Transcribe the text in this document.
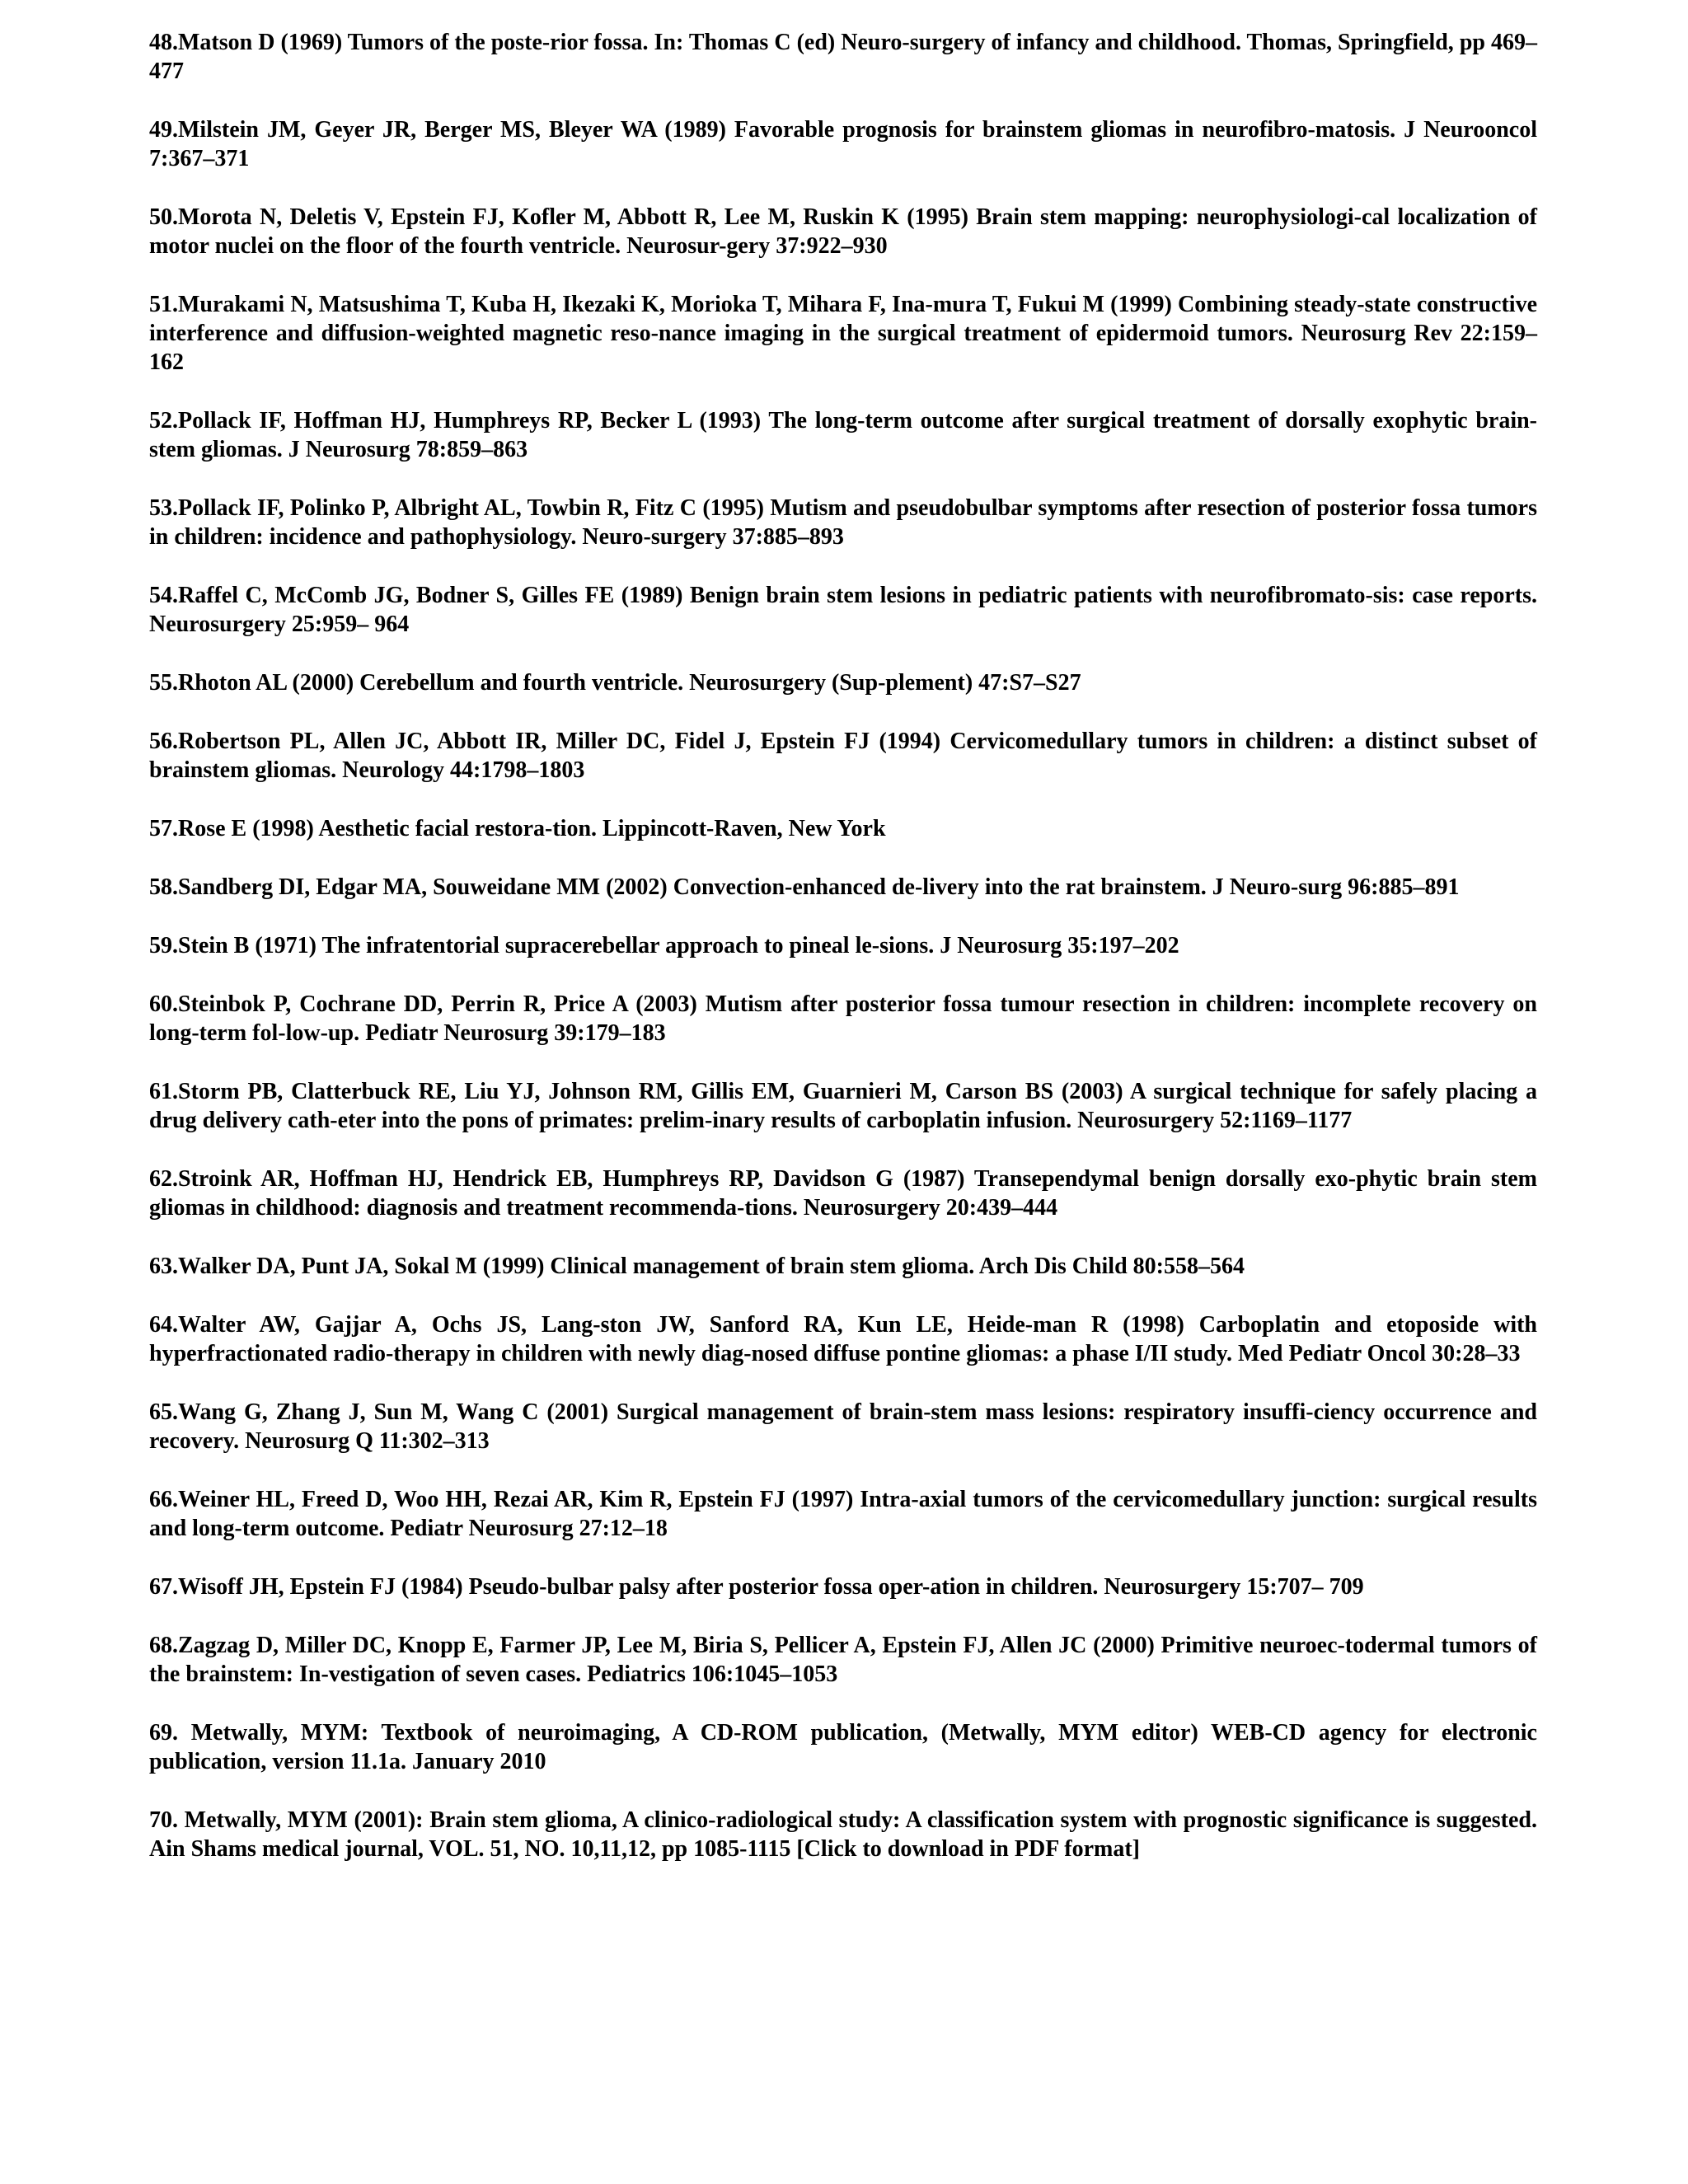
48.Matson D (1969) Tumors of the poste-rior fossa. In: Thomas C (ed) Neuro-surgery of infancy and childhood. Thomas, Springfield, pp 469–477

49.Milstein JM, Geyer JR, Berger MS, Bleyer WA (1989) Favorable prognosis for brainstem gliomas in neurofibro-matosis. J Neurooncol 7:367–371

50.Morota N, Deletis V, Epstein FJ, Kofler M, Abbott R, Lee M, Ruskin K (1995) Brain stem mapping: neurophysiologi-cal localization of motor nuclei on the floor of the fourth ventricle. Neurosur-gery 37:922–930

51.Murakami N, Matsushima T, Kuba H, Ikezaki K, Morioka T, Mihara F, Ina-mura T, Fukui M (1999) Combining steady-state constructive interference and diffusion-weighted magnetic reso-nance imaging in the surgical treatment of epidermoid tumors. Neurosurg Rev 22:159–162

52.Pollack IF, Hoffman HJ, Humphreys RP, Becker L (1993) The long-term outcome after surgical treatment of dorsally exophytic brain-stem gliomas. J Neurosurg 78:859–863

53.Pollack IF, Polinko P, Albright AL, Towbin R, Fitz C (1995) Mutism and pseudobulbar symptoms after resection of posterior fossa tumors in children: incidence and pathophysiology. Neuro-surgery 37:885–893

54.Raffel C, McComb JG, Bodner S, Gilles FE (1989) Benign brain stem lesions in pediatric patients with neurofibromato-sis: case reports. Neurosurgery 25:959– 964

55.Rhoton AL (2000) Cerebellum and fourth ventricle. Neurosurgery (Sup-plement) 47:S7–S27

56.Robertson PL, Allen JC, Abbott IR, Miller DC, Fidel J, Epstein FJ (1994) Cervicomedullary tumors in children: a distinct subset of brainstem gliomas. Neurology 44:1798–1803

57.Rose E (1998) Aesthetic facial restora-tion. Lippincott-Raven, New York

58.Sandberg DI, Edgar MA, Souweidane MM (2002) Convection-enhanced de-livery into the rat brainstem. J Neuro-surg 96:885–891

59.Stein B (1971) The infratentorial supracerebellar approach to pineal le-sions. J Neurosurg 35:197–202

60.Steinbok P, Cochrane DD, Perrin R, Price A (2003) Mutism after posterior fossa tumour resection in children: incomplete recovery on long-term fol-low-up. Pediatr Neurosurg 39:179–183

61.Storm PB, Clatterbuck RE, Liu YJ, Johnson RM, Gillis EM, Guarnieri M, Carson BS (2003) A surgical technique for safely placing a drug delivery cath-eter into the pons of primates: prelim-inary results of carboplatin infusion. Neurosurgery 52:1169–1177

62.Stroink AR, Hoffman HJ, Hendrick EB, Humphreys RP, Davidson G (1987) Transependymal benign dorsally exo-phytic brain stem gliomas in childhood: diagnosis and treatment recommenda-tions. Neurosurgery 20:439–444

63.Walker DA, Punt JA, Sokal M (1999) Clinical management of brain stem glioma. Arch Dis Child 80:558–564

64.Walter AW, Gajjar A, Ochs JS, Lang-ston JW, Sanford RA, Kun LE, Heide-man R (1998) Carboplatin and etoposide with hyperfractionated radio-therapy in children with newly diag-nosed diffuse pontine gliomas: a phase I/II study. Med Pediatr Oncol 30:28–33

65.Wang G, Zhang J, Sun M, Wang C (2001) Surgical management of brain-stem mass lesions: respiratory insuffi-ciency occurrence and recovery. Neurosurg Q 11:302–313

66.Weiner HL, Freed D, Woo HH, Rezai AR, Kim R, Epstein FJ (1997) Intra-axial tumors of the cervicomedullary junction: surgical results and long-term outcome. Pediatr Neurosurg 27:12–18

67.Wisoff JH, Epstein FJ (1984) Pseudo-bulbar palsy after posterior fossa oper-ation in children. Neurosurgery 15:707– 709

68.Zagzag D, Miller DC, Knopp E, Farmer JP, Lee M, Biria S, Pellicer A, Epstein FJ, Allen JC (2000) Primitive neuroec-todermal tumors of the brainstem: In-vestigation of seven cases. Pediatrics 106:1045–1053

69. Metwally, MYM: Textbook of neuroimaging, A CD-ROM publication, (Metwally, MYM editor) WEB-CD agency for electronic publication, version 11.1a. January 2010

70. Metwally, MYM (2001): Brain stem glioma, A clinico-radiological study: A classification system with prognostic significance is suggested. Ain Shams medical journal, VOL. 51, NO. 10,11,12, pp 1085-1115 [Click to download in PDF format]
